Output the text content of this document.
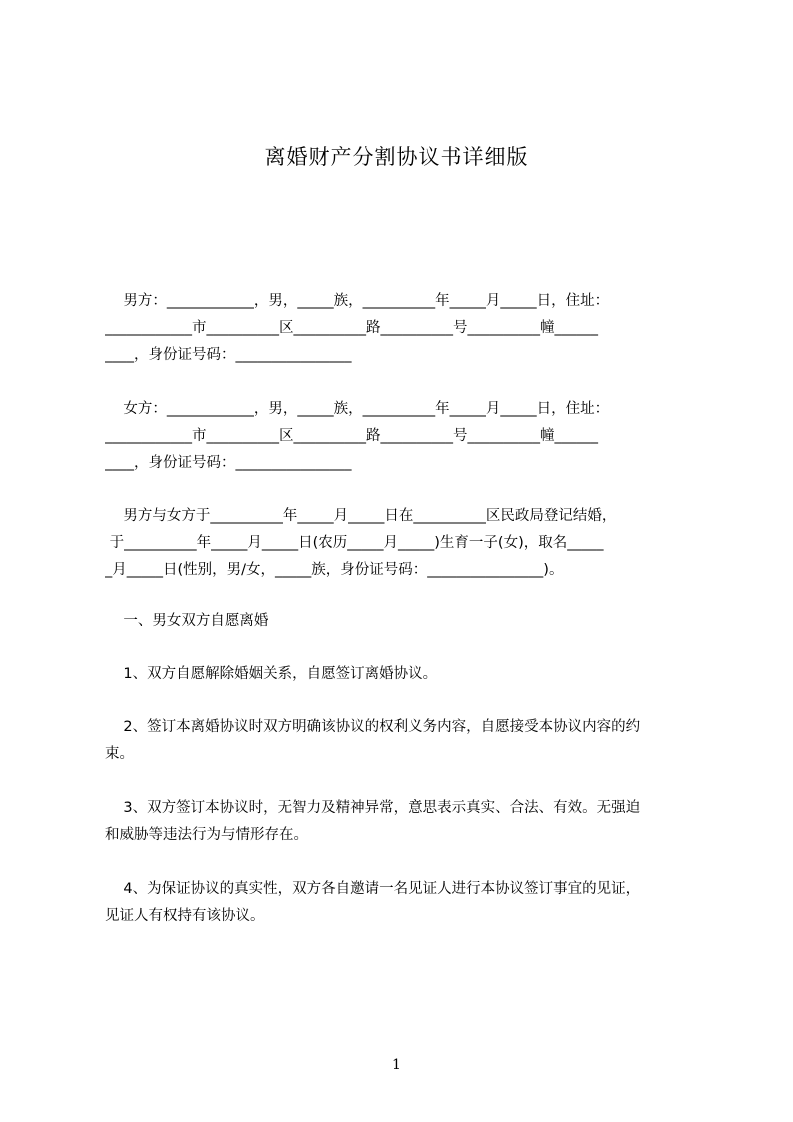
离婚财产分割协议书详细版
男方：____________，男，_____族，__________年_____月_____日，住址：
____________市__________区__________路__________号__________幢______
____，身份证号码：________________
女方：____________，男，_____族，__________年_____月_____日，住址：
____________市__________区__________路__________号__________幢______
____，身份证号码：________________
男方与女方于__________年_____月_____日在__________区民政局登记结婚，
于__________年_____月_____日(农历_____月_____)生育一子(女)，取名_____
_月_____日(性别，男/女，_____族，身份证号码：________________)。
一、男女双方自愿离婚
1、双方自愿解除婚姻关系，自愿签订离婚协议。
2、签订本离婚协议时双方明确该协议的权利义务内容，自愿接受本协议内容的约
束。
3、双方签订本协议时，无智力及精神异常，意思表示真实、合法、有效。无强迫
和威胁等违法行为与情形存在。
4、为保证协议的真实性，双方各自邀请一名见证人进行本协议签订事宜的见证，
见证人有权持有该协议。
1
